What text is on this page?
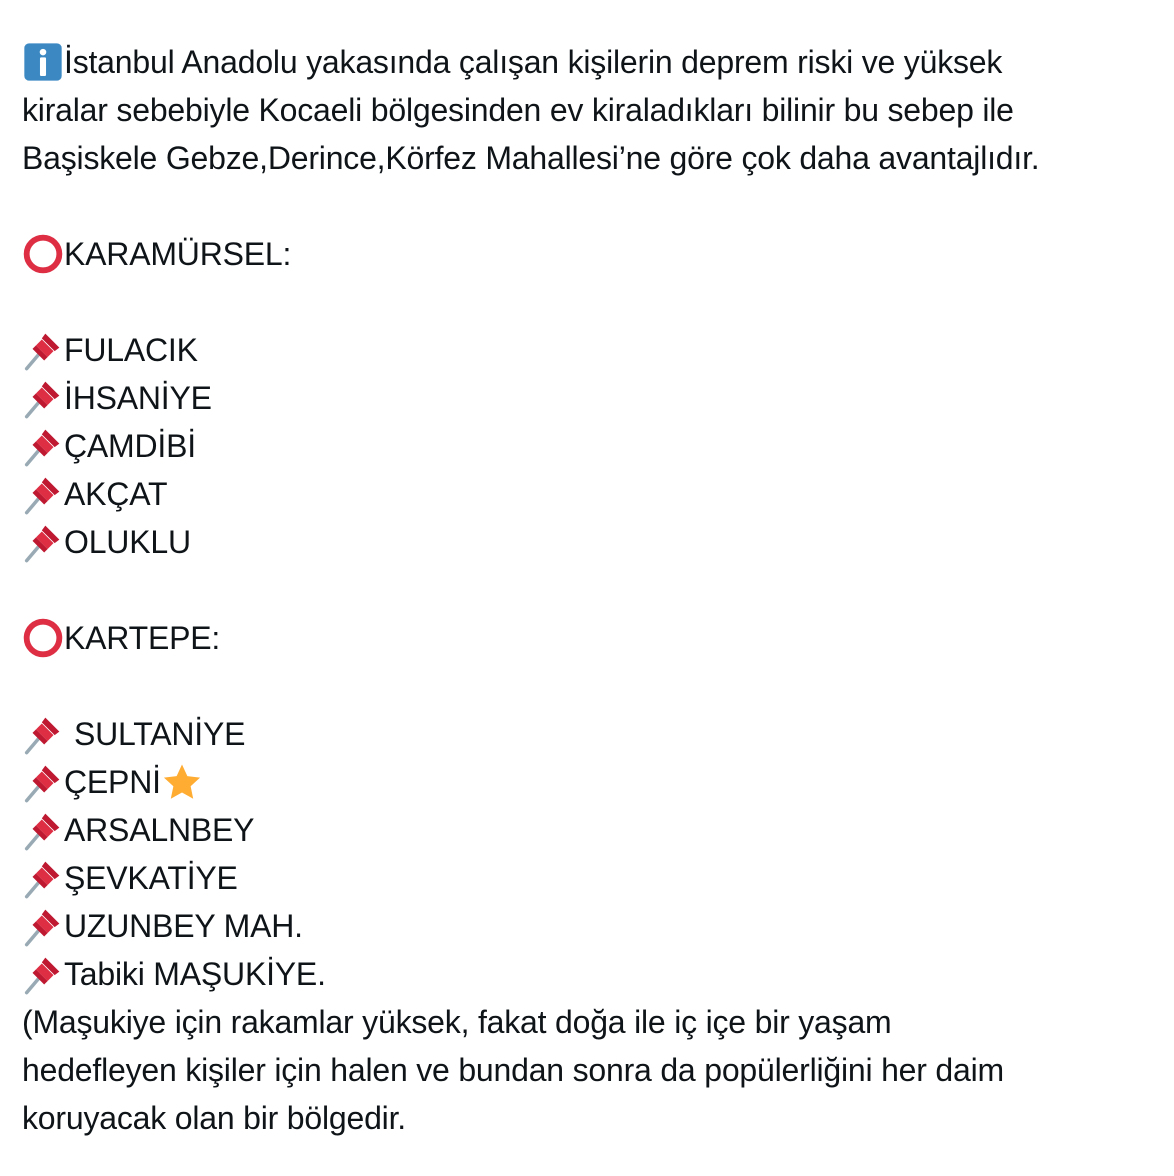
İstanbul Anadolu yakasında çalışan kişilerin deprem riski ve yüksek
kiralar sebebiyle Kocaeli bölgesinden ev kiraladıkları bilinir bu sebep ile
Başiskele Gebze,Derince,Körfez Mahallesi’ne göre çok daha avantajlıdır.
KARAMÜRSEL:
FULACIK
İHSANİYE
ÇAMDİBİ
AKÇAT
OLUKLU
KARTEPE:
SULTANİYE
ÇEPNİ
ARSALNBEY
ŞEVKATİYE
UZUNBEY MAH.
Tabiki MAŞUKİYE.
(Maşukiye için rakamlar yüksek, fakat doğa ile iç içe bir yaşam
hedefleyen kişiler için halen ve bundan sonra da popülerliğini her daim
koruyacak olan bir bölgedir.
